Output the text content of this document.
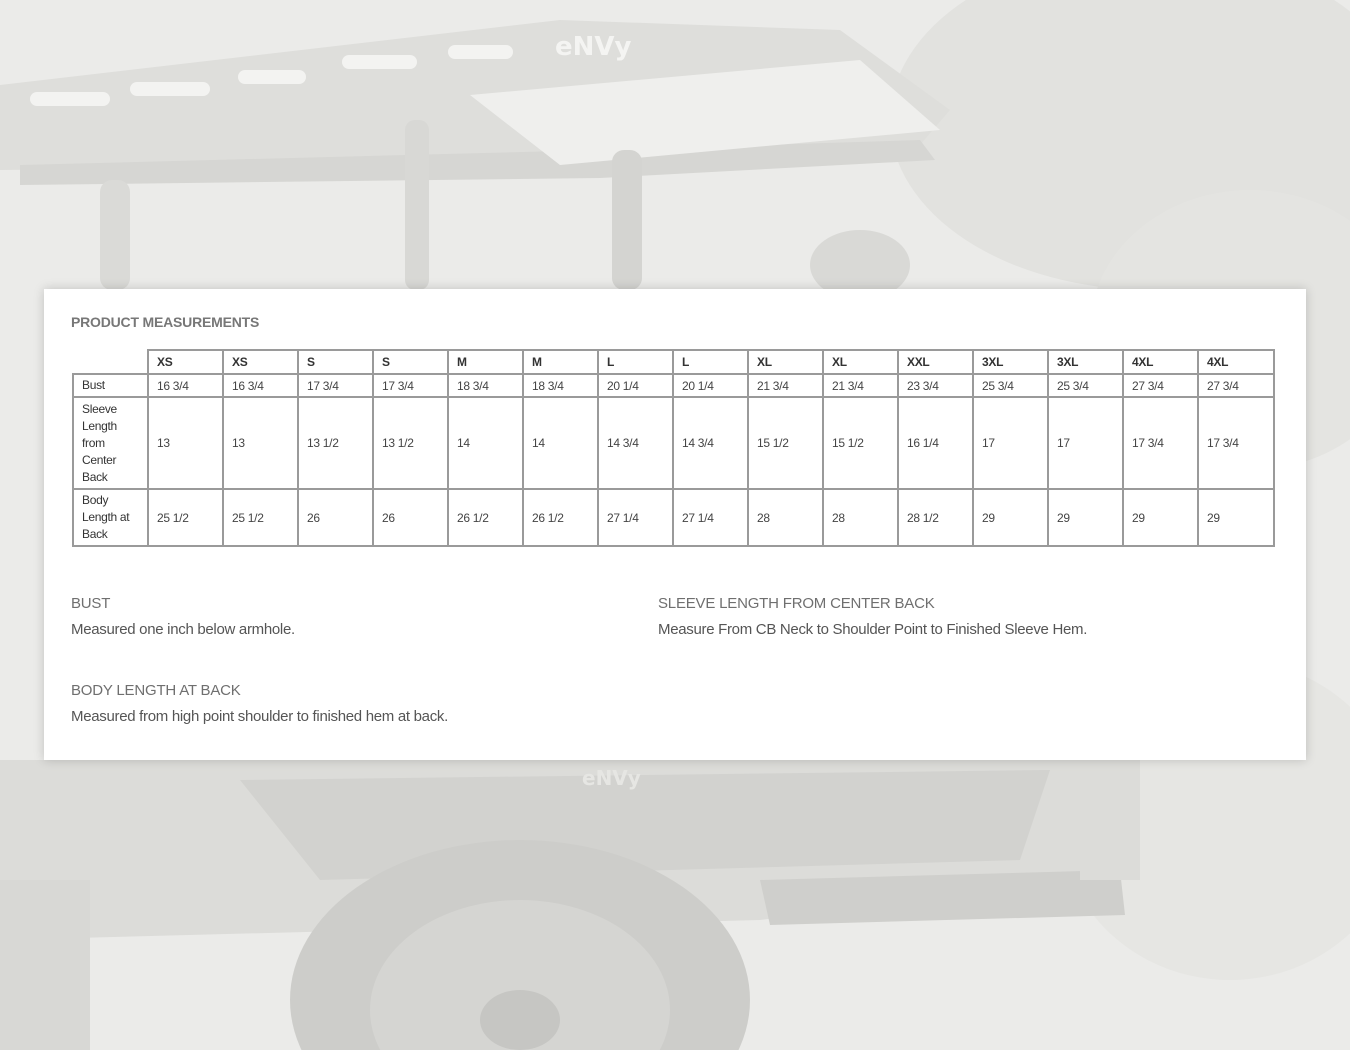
eNVy
eNVy
PRODUCT MEASUREMENTS
	XS	XS	S	S	M	M	L	L	XL	XL	XXL	3XL	3XL	4XL	4XL
Bust	16 3/4	16 3/4	17 3/4	17 3/4	18 3/4	18 3/4	20 1/4	20 1/4	21 3/4	21 3/4	23 3/4	25 3/4	25 3/4	27 3/4	27 3/4
Sleeve Length from Center Back	13	13	13 1/2	13 1/2	14	14	14 3/4	14 3/4	15 1/2	15 1/2	16 1/4	17	17	17 3/4	17 3/4
Body Length at Back	25 1/2	25 1/2	26	26	26 1/2	26 1/2	27 1/4	27 1/4	28	28	28 1/2	29	29	29	29
BUST
Measured one inch below armhole.
SLEEVE LENGTH FROM CENTER BACK
Measure From CB Neck to Shoulder Point to Finished Sleeve Hem.
BODY LENGTH AT BACK
Measured from high point shoulder to finished hem at back.
